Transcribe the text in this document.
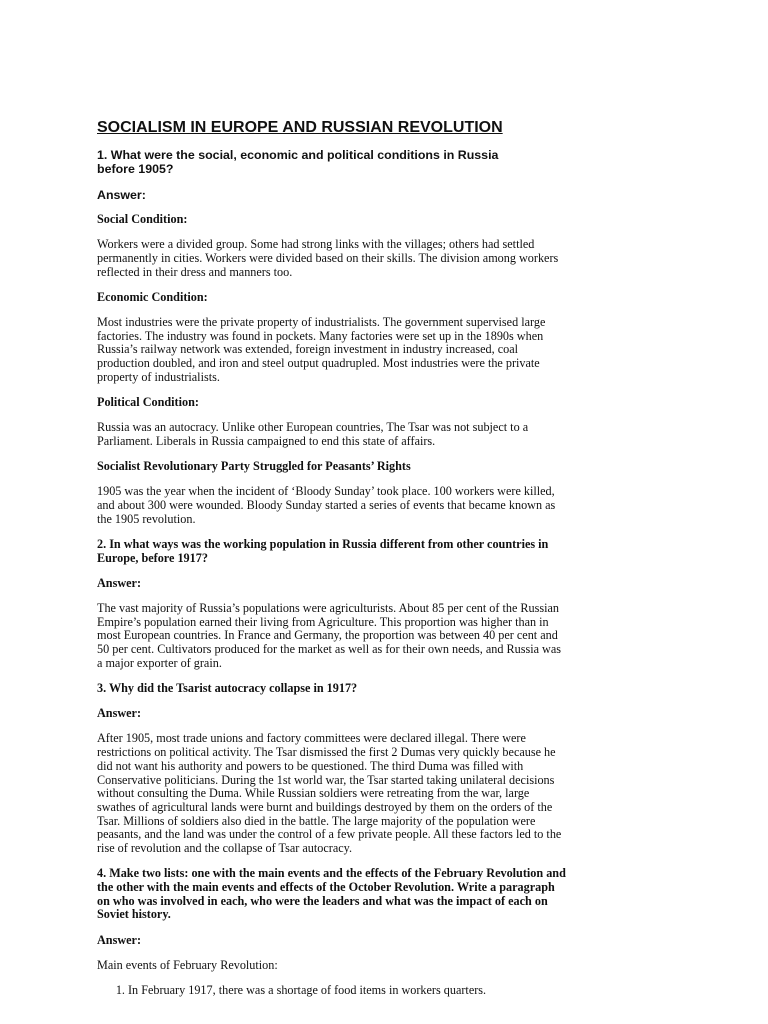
SOCIALISM IN EUROPE AND RUSSIAN REVOLUTION
1. What were the social, economic and political conditions in Russia
before 1905?
Answer:
Social Condition:
Workers were a divided group. Some had strong links with the villages; others had settled permanently in cities. Workers were divided based on their skills. The division among workers reflected in their dress and manners too.
Economic Condition:
Most industries were the private property of industrialists. The government supervised large factories. The industry was found in pockets. Many factories were set up in the 1890s when Russia’s railway network was extended, foreign investment in industry increased, coal production doubled, and iron and steel output quadrupled. Most industries were the private property of industrialists.
Political Condition:
Russia was an autocracy. Unlike other European countries, The Tsar was not subject to a Parliament. Liberals in Russia campaigned to end this state of affairs.
Socialist Revolutionary Party Struggled for Peasants’ Rights
1905 was the year when the incident of ‘Bloody Sunday’ took place. 100 workers were killed, and about 300 were wounded. Bloody Sunday started a series of events that became known as the 1905 revolution.
2. In what ways was the working population in Russia different from other countries in Europe, before 1917?
Answer:
The vast majority of Russia’s populations were agriculturists. About 85 per cent of the Russian Empire’s population earned their living from Agriculture. This proportion was higher than in most European countries. In France and Germany, the proportion was between 40 per cent and 50 per cent. Cultivators produced for the market as well as for their own needs, and Russia was a major exporter of grain.
3. Why did the Tsarist autocracy collapse in 1917?
Answer:
After 1905, most trade unions and factory committees were declared illegal. There were restrictions on political activity. The Tsar dismissed the first 2 Dumas very quickly because he did not want his authority and powers to be questioned. The third Duma was filled with Conservative politicians. During the 1st world war, the Tsar started taking unilateral decisions without consulting the Duma. While Russian soldiers were retreating from the war, large swathes of agricultural lands were burnt and buildings destroyed by them on the orders of the Tsar. Millions of soldiers also died in the battle. The large majority of the population were peasants, and the land was under the control of a few private people. All these factors led to the rise of revolution and the collapse of Tsar autocracy.
4. Make two lists: one with the main events and the effects of the February Revolution and the other with the main events and effects of the October Revolution. Write a paragraph on who was involved in each, who were the leaders and what was the impact of each on Soviet history.
Answer:
Main events of February Revolution:
1. In February 1917, there was a shortage of food items in workers quarters.
